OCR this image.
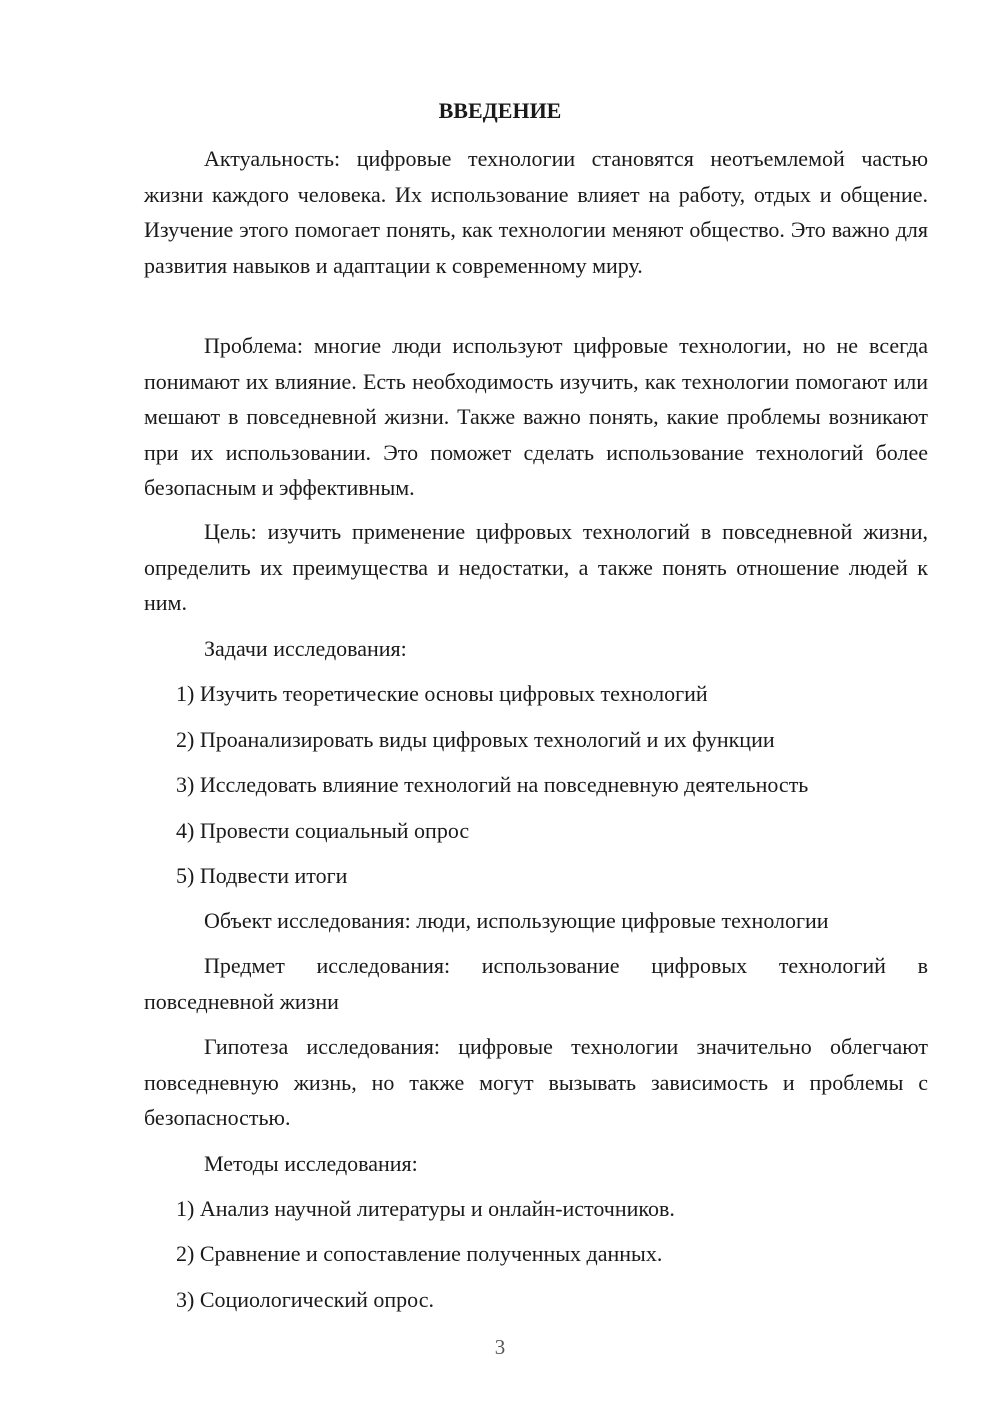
ВВЕДЕНИЕ

Актуальность: цифровые технологии становятся неотъемлемой частью жизни каждого человека. Их использование влияет на работу, отдых и общение. Изучение этого помогает понять, как технологии меняют общество. Это важно для развития навыков и адаптации к современному миру.

Проблема: многие люди используют цифровые технологии, но не всегда понимают их влияние. Есть необходимость изучить, как технологии помогают или мешают в повседневной жизни. Также важно понять, какие проблемы возникают при их использовании. Это поможет сделать использование технологий более безопасным и эффективным.

Цель: изучить применение цифровых технологий в повседневной жизни, определить их преимущества и недостатки, а также понять отношение людей к ним.

Задачи исследования:

1) Изучить теоретические основы цифровых технологий

2) Проанализировать виды цифровых технологий и их функции

3) Исследовать влияние технологий на повседневную деятельность

4) Провести социальный опрос

5) Подвести итоги

Объект исследования: люди, использующие цифровые технологии

Предмет исследования: использование цифровых технологий в повседневной жизни

Гипотеза исследования: цифровые технологии значительно облегчают повседневную жизнь, но также могут вызывать зависимость и проблемы с безопасностью.

Методы исследования:

1) Анализ научной литературы и онлайн-источников.

2) Сравнение и сопоставление полученных данных.

3) Социологический опрос.

3
